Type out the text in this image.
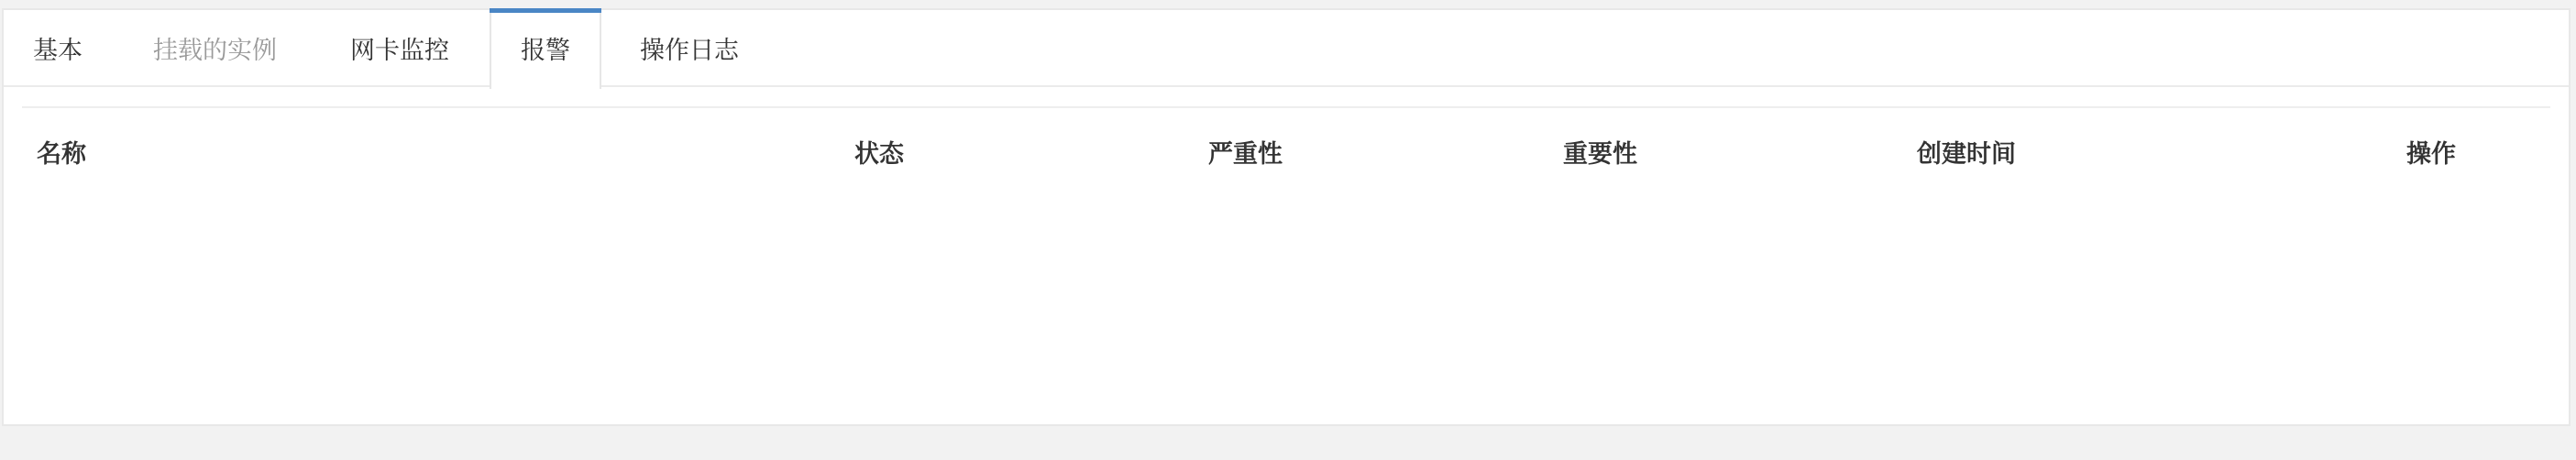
基本	挂载的实例	网卡监控	报警	操作日志
名称	状态	严重性	重要性	创建时间	操作
